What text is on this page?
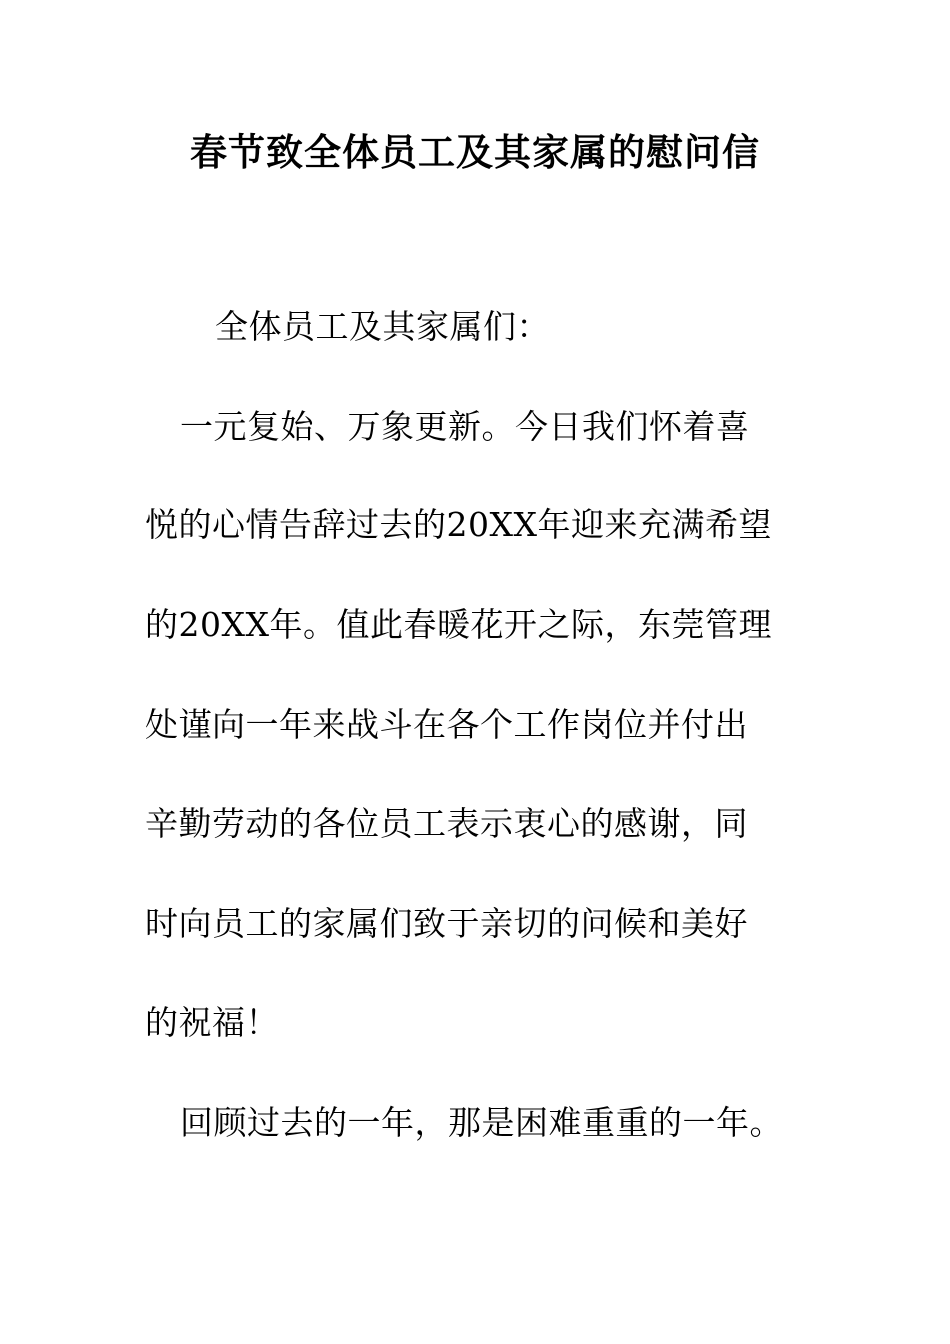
春节致全体员工及其家属的慰问信

全体员工及其家属们：

一元复始、万象更新。今日我们怀着喜

悦的心情告辞过去的20XX年迎来充满希望

的20XX年。值此春暖花开之际，东莞管理

处谨向一年来战斗在各个工作岗位并付出

辛勤劳动的各位员工表示衷心的感谢，同

时向员工的家属们致于亲切的问候和美好

的祝福！

回顾过去的一年，那是困难重重的一年。
